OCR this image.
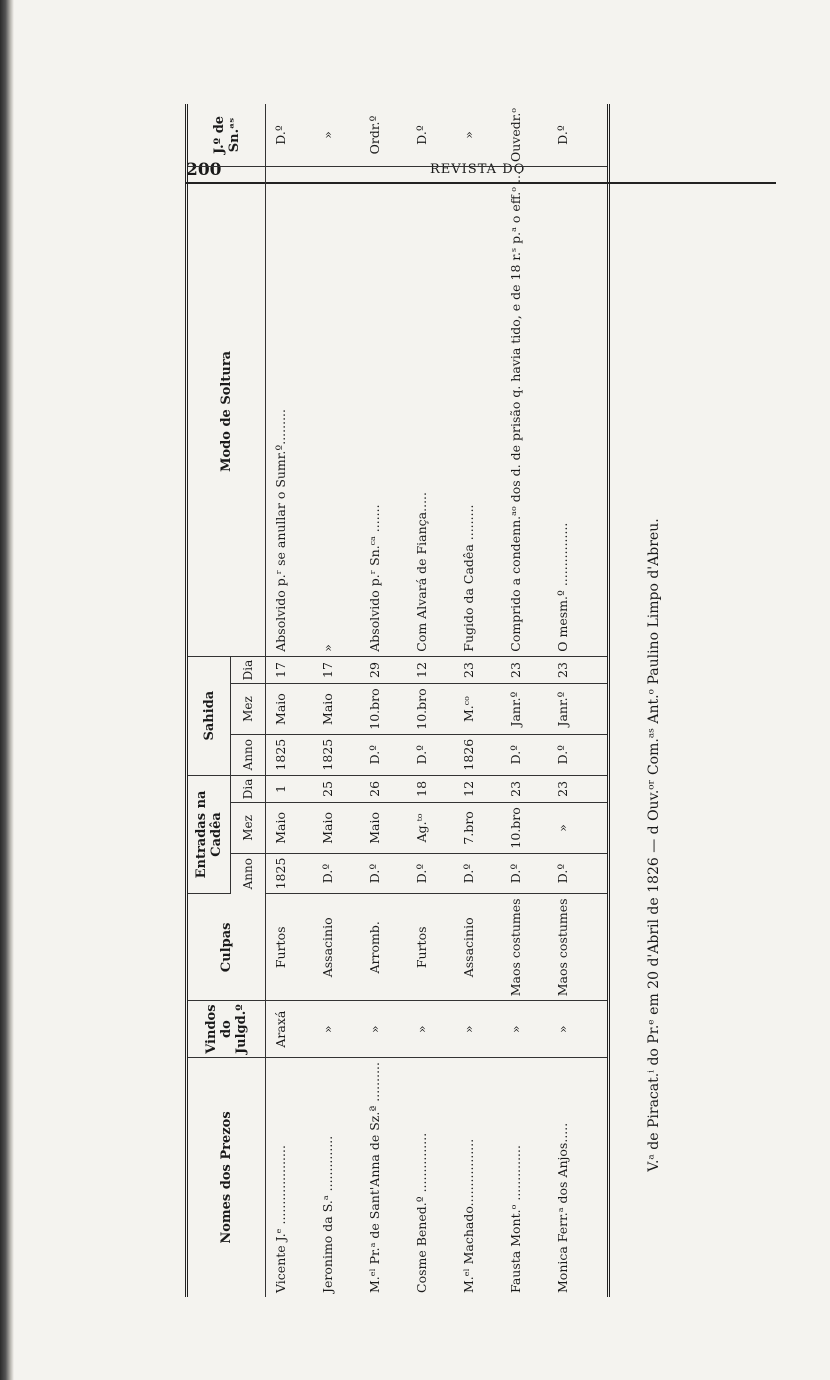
200	REVISTA DO
Nomes dos Prezos	Vindos do Julgd.º	Culpas	Entradas na Cadêa			Sahida			Modo de Soltura	J.º de Sn.ᵃˢ
			Anno	Mez	Dia	Anno	Mez	Dia		

Vicente J.ᵉ ....................	Araxá	Furtos	1825	Maio	1	1825	Maio	17	Absolvido p.ʳ se anullar o Sumr.º.........	D.º
Jeronimo da S.ᵃ ..............	»	Assacinio	D.º	Maio	25	1825	Maio	17	»	»
M.ᵉˡ Pr.ᵃ de Sant'Anna de Sz.ª ..........	»	Arromb.	D.º	Maio	26	D.º	10.bro	29	Absolvido p.ʳ Sn.ᶜᵃ .......	Ordr.º
Cosme Bened.º ...............	»	Furtos	D.º	Ag.ᵗᵒ	18	D.º	10.bro	12	Com Alvará de Fiança.....	D.º
M.ᵉˡ Machado.................	»	Assacinio	D.º	7.bro	12	1826	M.ᶜᵒ	23	Fugido da Cadêa .........	»
Fausta Mont.ᵒ ..............	»	Maos costumes	D.º	10.bro	23	D.º	Janr.º	23	Comprido a condenn.ᵃᵒ dos d. de prisão q. havia tido, e de 18 r.ˢ p.ᵃ o eff.ᵒ ...	Ouvedr.ᵒ
Monica Ferr.ᵃ dos Anjos.....	»	Maos costumes	D.º	»	23	D.º	Janr.º	23	O mesm.º ................	D.º

V.ᵃ de Piracat.ⁱ do Pr.ᵉ em 20 d'Abril de 1826 — d Ouv.ᵒʳ Com.ᵃˢ Ant.ᵒ Paulino Limpo d'Abreu.
